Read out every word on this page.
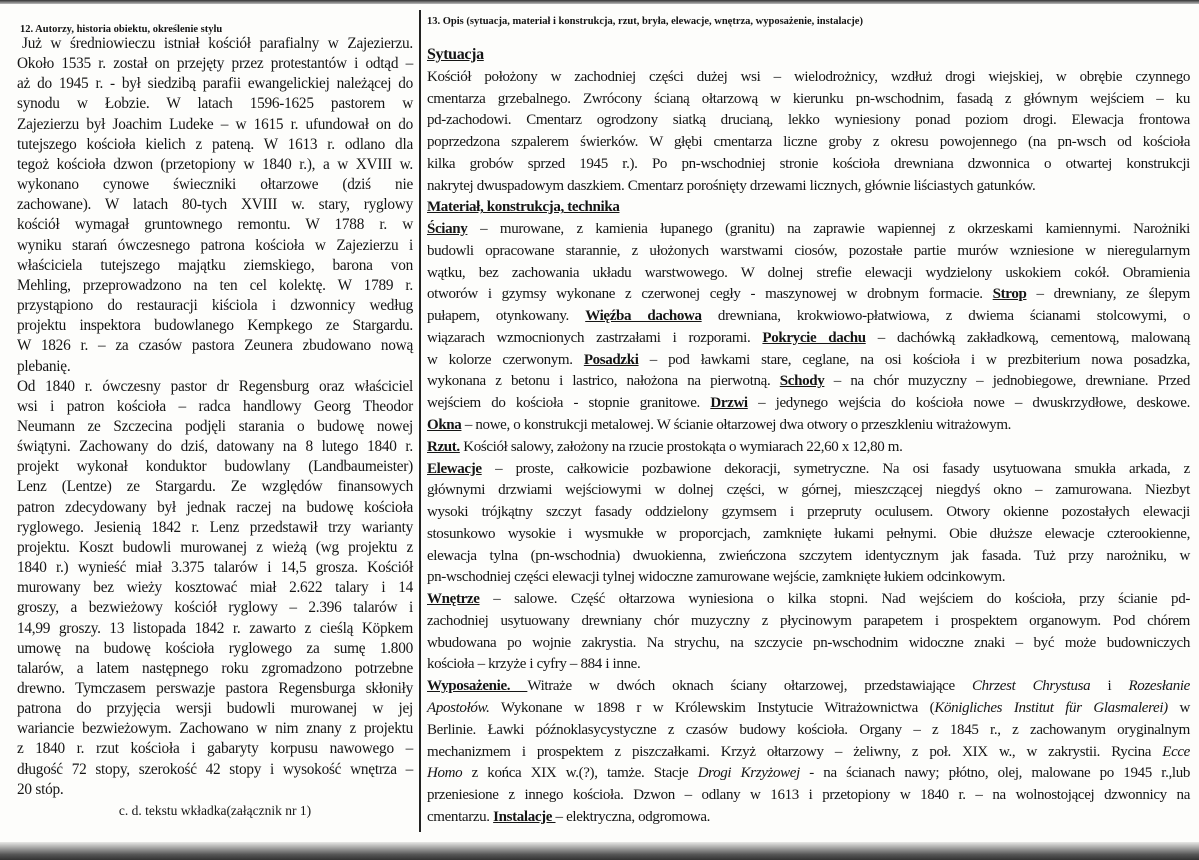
12. Autorzy, historia obiektu, określenie stylu
13. Opis (sytuacja, materiał i konstrukcja, rzut, bryła, elewacje, wnętrza, wyposażenie, instalacje)
Już w średniowieczu istniał kościół parafialny w Zajezierzu.
Około 1535 r. został on przejęty przez protestantów i odtąd –
aż do 1945 r. - był siedzibą parafii ewangelickiej należącej do
synodu w Łobzie. W latach 1596-1625 pastorem w
Zajezierzu był Joachim Ludeke – w 1615 r. ufundował on do
tutejszego kościoła kielich z pateną. W 1613 r. odlano dla
tegoż kościoła dzwon (przetopiony w 1840 r.), a w XVIII w.
wykonano cynowe świeczniki ołtarzowe (dziś nie
zachowane). W latach 80-tych XVIII w. stary, ryglowy
kościół wymagał gruntownego remontu. W 1788 r. w
wyniku starań ówczesnego patrona kościoła w Zajezierzu i
właściciela tutejszego majątku ziemskiego, barona von
Mehling, przeprowadzono na ten cel kolektę. W 1789 r.
przystąpiono do restauracji kiściola i dzwonnicy według
projektu inspektora budowlanego Kempkego ze Stargardu.
W 1826 r. – za czasów pastora Zeunera zbudowano nową
plebanię.
Od 1840 r. ówczesny pastor dr Regensburg oraz właściciel
wsi i patron kościoła – radca handlowy Georg Theodor
Neumann ze Szczecina podjęli starania o budowę nowej
świątyni. Zachowany do dziś, datowany na 8 lutego 1840 r.
projekt wykonał konduktor budowlany (Landbaumeister)
Lenz (Lentze) ze Stargardu. Ze względów finansowych
patron zdecydowany był jednak raczej na budowę kościoła
ryglowego. Jesienią 1842 r. Lenz przedstawił trzy warianty
projektu. Koszt budowli murowanej z wieżą (wg projektu z
1840 r.) wynieść miał 3.375 talarów i 14,5 grosza. Kościół
murowany bez wieży kosztować miał 2.622 talary i 14
groszy, a bezwieżowy kościół ryglowy – 2.396 talarów i
14,99 groszy. 13 listopada 1842 r. zawarto z cieślą Köpkem
umowę na budowę kościoła ryglowego za sumę 1.800
talarów, a latem następnego roku zgromadzono potrzebne
drewno. Tymczasem perswazje pastora Regensburga skłoniły
patrona do przyjęcia wersji budowli murowanej w jej
wariancie bezwieżowym. Zachowano w nim znany z projektu
z 1840 r. rzut kościoła i gabaryty korpusu nawowego –
długość 72 stopy, szerokość 42 stopy i wysokość wnętrza –
20 stóp.
c. d. tekstu wkładka(załącznik nr 1)
Sytuacja
Kościół położony w zachodniej części dużej wsi – wielodrożnicy, wzdłuż drogi wiejskiej, w obrębie czynnego
cmentarza grzebalnego. Zwrócony ścianą ołtarzową w kierunku pn-wschodnim, fasadą z głównym wejściem – ku
pd-zachodowi. Cmentarz ogrodzony siatką drucianą, lekko wyniesiony ponad poziom drogi. Elewacja frontowa
poprzedzona szpalerem świerków. W głębi cmentarza liczne groby z okresu powojennego (na pn-wsch od kościoła
kilka grobów sprzed 1945 r.). Po pn-wschodniej stronie kościoła drewniana dzwonnica o otwartej konstrukcji
nakrytej dwuspadowym daszkiem. Cmentarz porośnięty drzewami licznych, głównie liściastych gatunków.
Materiał, konstrukcja, technika
Ściany – murowane, z kamienia łupanego (granitu) na zaprawie wapiennej z okrzeskami kamiennymi. Narożniki
budowli opracowane starannie, z ułożonych warstwami ciosów, pozostałe partie murów wzniesione w nieregularnym
wątku, bez zachowania układu warstwowego. W dolnej strefie elewacji wydzielony uskokiem cokół. Obramienia
otworów i gzymsy wykonane z czerwonej cegły - maszynowej w drobnym formacie. Strop – drewniany, ze ślepym
pułapem, otynkowany. Więźba dachowa drewniana, krokwiowo-płatwiowa, z dwiema ścianami stolcowymi, o
wiązarach wzmocnionych zastrzałami i rozporami. Pokrycie dachu – dachówką zakładkową, cementową, malowaną
w kolorze czerwonym. Posadzki – pod ławkami stare, ceglane, na osi kościoła i w prezbiterium nowa posadzka,
wykonana z betonu i lastrico, nałożona na pierwotną. Schody – na chór muzyczny – jednobiegowe, drewniane. Przed
wejściem do kościoła - stopnie granitowe. Drzwi – jedynego wejścia do kościoła nowe – dwuskrzydłowe, deskowe.
Okna – nowe, o konstrukcji metalowej. W ścianie ołtarzowej dwa otwory o przeszkleniu witrażowym.
Rzut. Kościół salowy, założony na rzucie prostokąta o wymiarach 22,60 x 12,80 m.
Elewacje – proste, całkowicie pozbawione dekoracji, symetryczne. Na osi fasady usytuowana smukła arkada, z
głównymi drzwiami wejściowymi w dolnej części, w górnej, mieszczącej niegdyś okno – zamurowana. Niezbyt
wysoki trójkątny szczyt fasady oddzielony gzymsem i przepruty oculusem. Otwory okienne pozostałych elewacji
stosunkowo wysokie i wysmukłe w proporcjach, zamknięte łukami pełnymi. Obie dłuższe elewacje czterookienne,
elewacja tylna (pn-wschodnia) dwuokienna, zwieńczona szczytem identycznym jak fasada. Tuż przy narożniku, w
pn-wschodniej części elewacji tylnej widoczne zamurowane wejście, zamknięte łukiem odcinkowym.
Wnętrze – salowe. Część ołtarzowa wyniesiona o kilka stopni. Nad wejściem do kościoła, przy ścianie pd-
zachodniej usytuowany drewniany chór muzyczny z płycinowym parapetem i prospektem organowym. Pod chórem
wbudowana po wojnie zakrystia. Na strychu, na szczycie pn-wschodnim widoczne znaki – być może budowniczych
kościoła – krzyże i cyfry – 884 i inne.
Wyposażenie. Witraże w dwóch oknach ściany ołtarzowej, przedstawiające Chrzest Chrystusa i Rozesłanie
Apostołów. Wykonane w 1898 r w Królewskim Instytucie Witrażownictwa (Königliches Institut für Glasmalerei) w
Berlinie. Ławki późnoklasycystyczne z czasów budowy kościoła. Organy – z 1845 r., z zachowanym oryginalnym
mechanizmem i prospektem z piszczałkami. Krzyż ołtarzowy – żeliwny, z poł. XIX w., w zakrystii. Rycina Ecce
Homo z końca XIX w.(?), tamże. Stacje Drogi Krzyżowej - na ścianach nawy; płótno, olej, malowane po 1945 r.,lub
przeniesione z innego kościoła. Dzwon – odlany w 1613 i przetopiony w 1840 r. – na wolnostojącej dzwonnicy na
cmentarzu. Instalacje – elektryczna, odgromowa.
